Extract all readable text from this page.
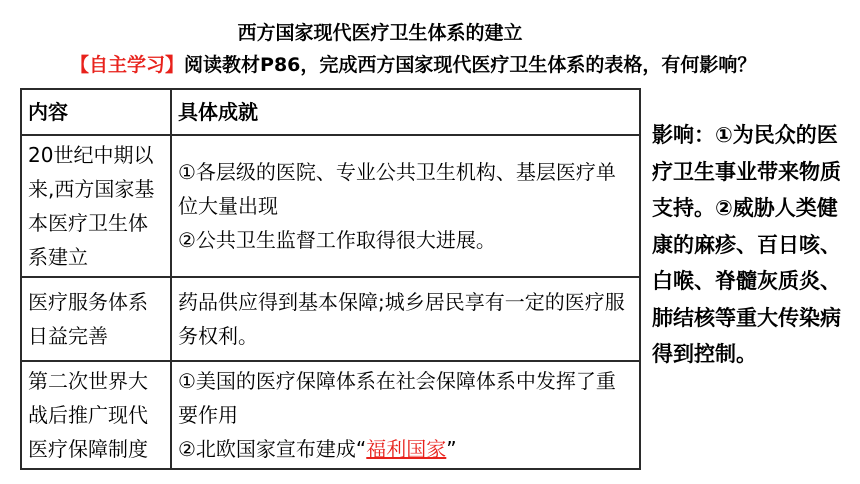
西方国家现代医疗卫生体系的建立
【自主学习】阅读教材P86，完成西方国家现代医疗卫生体系的表格，有何影响？
内容	具体成就
20世纪中期以来,西方国家基本医疗卫生体系建立	①各层级的医院、专业公共卫生机构、基层医疗单位大量出现
②公共卫生监督工作取得很大进展。

医疗服务体系日益完善	药品供应得到基本保障;城乡居民享有一定的医疗服务权利。

第二次世界大战后推广现代医疗保障制度	①美国的医疗保障体系在社会保障体系中发挥了重要作用
②北欧国家宣布建成“福利国家”
影响：①为民众的医疗卫生事业带来物质支持。②威胁人类健康的麻疹、百日咳、白喉、脊髓灰质炎、肺结核等重大传染病得到控制。
